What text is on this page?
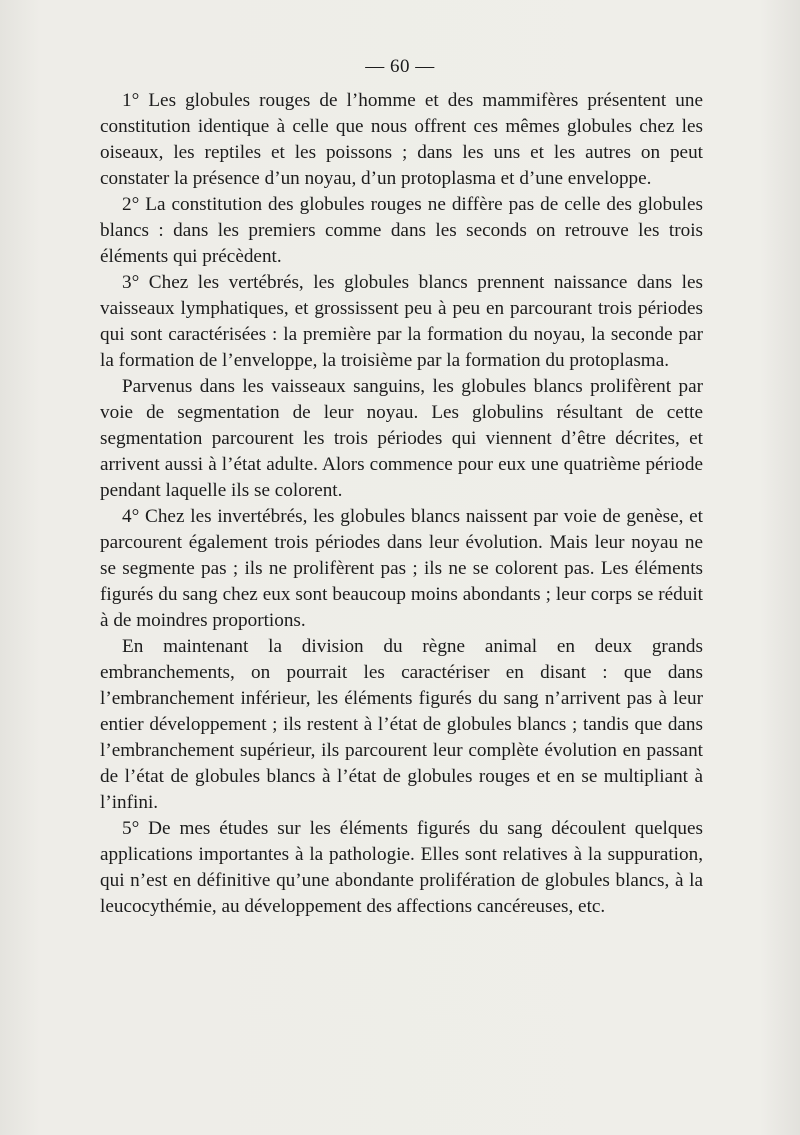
— 60 —

1° Les globules rouges de l’homme et des mammifères présentent une constitution identique à celle que nous offrent ces mêmes globules chez les oiseaux, les reptiles et les poissons ; dans les uns et les autres on peut constater la présence d’un noyau, d’un protoplasma et d’une enveloppe.

2° La constitution des globules rouges ne diffère pas de celle des globules blancs : dans les premiers comme dans les seconds on retrouve les trois éléments qui précèdent.

3° Chez les vertébrés, les globules blancs prennent naissance dans les vaisseaux lymphatiques, et grossissent peu à peu en parcourant trois périodes qui sont caractérisées : la première par la formation du noyau, la seconde par la formation de l’enveloppe, la troisième par la formation du protoplasma.

Parvenus dans les vaisseaux sanguins, les globules blancs prolifèrent par voie de segmentation de leur noyau. Les globulins résultant de cette segmentation parcourent les trois périodes qui viennent d’être décrites, et arrivent aussi à l’état adulte. Alors commence pour eux une quatrième période pendant laquelle ils se colorent.

4° Chez les invertébrés, les globules blancs naissent par voie de genèse, et parcourent également trois périodes dans leur évolution. Mais leur noyau ne se segmente pas ; ils ne prolifèrent pas ; ils ne se colorent pas. Les éléments figurés du sang chez eux sont beaucoup moins abondants ; leur corps se réduit à de moindres proportions.

En maintenant la division du règne animal en deux grands embranchements, on pourrait les caractériser en disant : que dans l’embranchement inférieur, les éléments figurés du sang n’arrivent pas à leur entier développement ; ils restent à l’état de globules blancs ; tandis que dans l’embranchement supérieur, ils parcourent leur complète évolution en passant de l’état de globules blancs à l’état de globules rouges et en se multipliant à l’infini.

5° De mes études sur les éléments figurés du sang découlent quelques applications importantes à la pathologie. Elles sont relatives à la suppuration, qui n’est en définitive qu’une abondante prolifération de globules blancs, à la leucocythémie, au développement des affections cancéreuses, etc.
